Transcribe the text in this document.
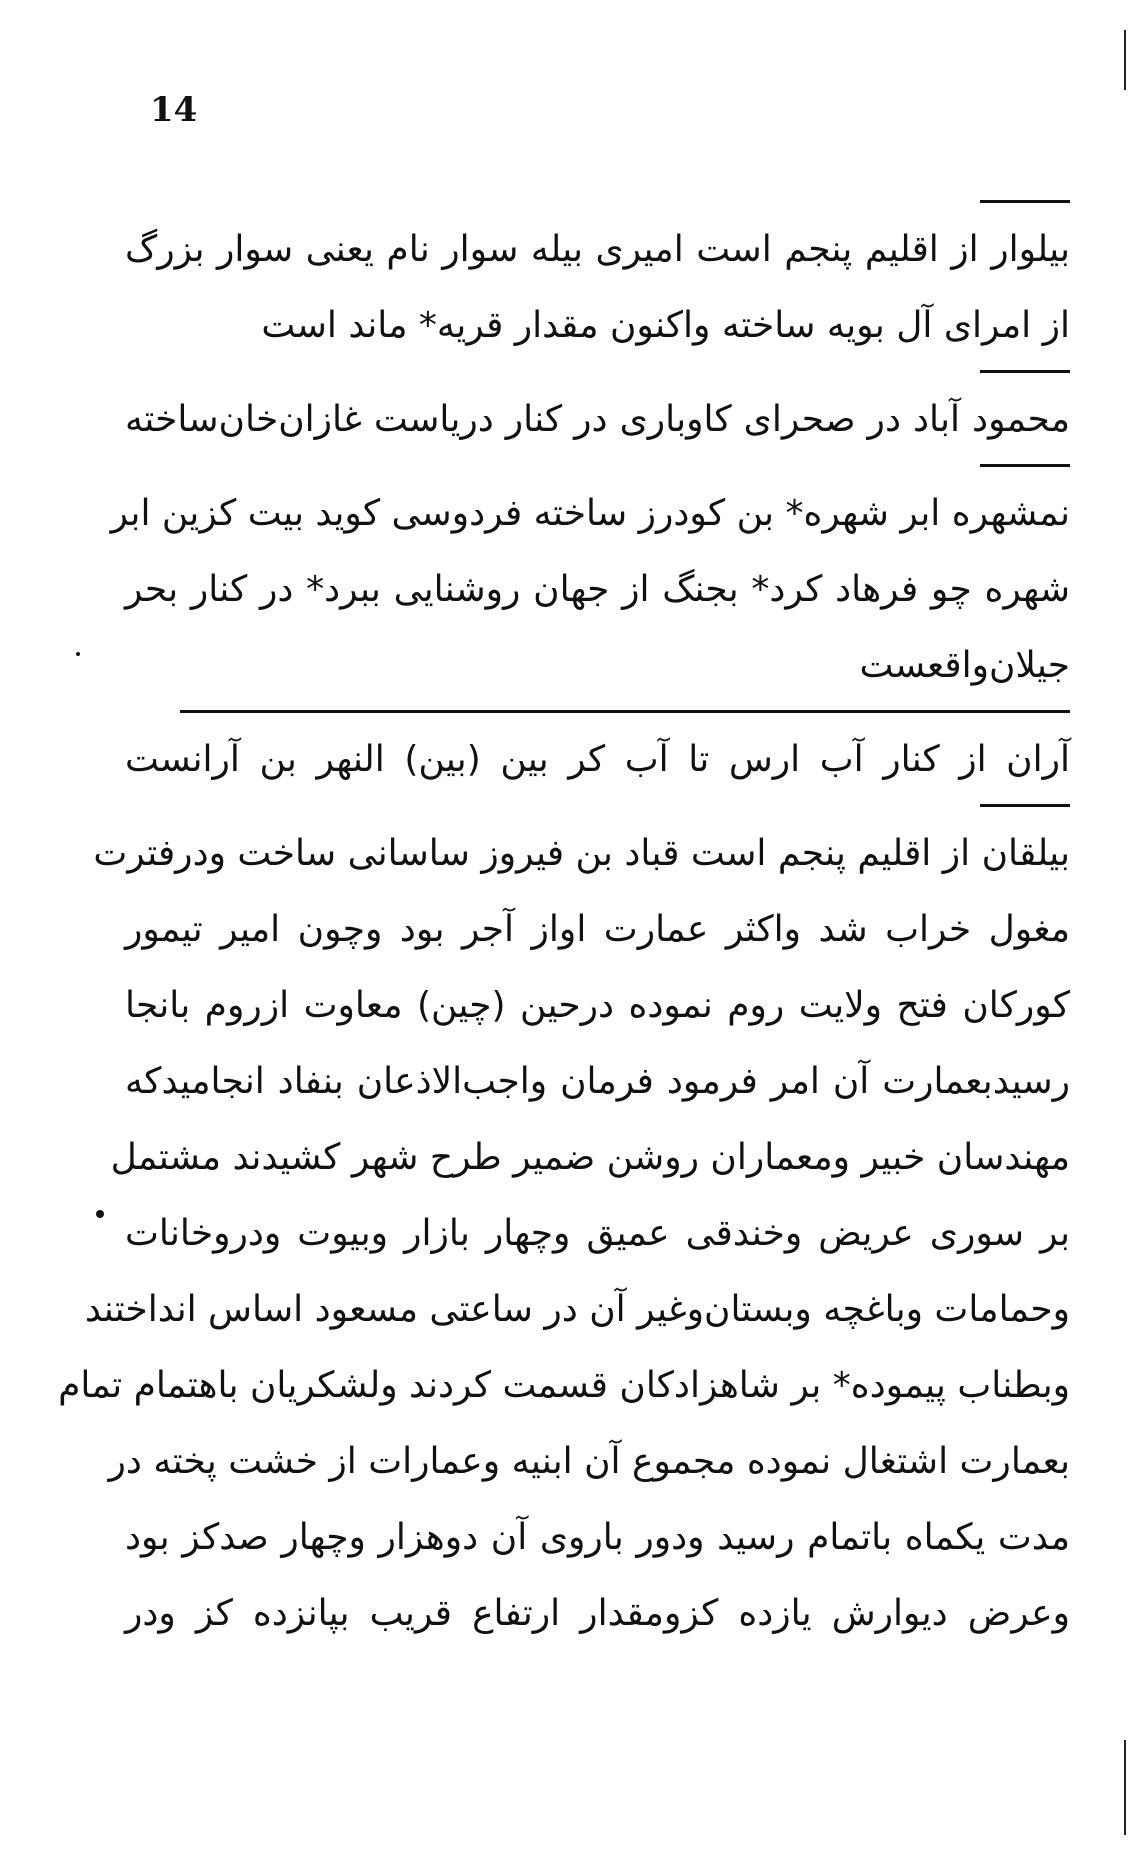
14
بیلوار از اقلیم پنجم است امیری بیله سوار نام یعنی سوار بزرگ
از امرای آل بویه ساخته واکنون مقدار قریه* ماند است
محمود آباد در صحرای کاوباری در کنار دریاست غازان‌خان‌ساخته
نمشهره ابر شهره* بن کودرز ساخته فردوسی کوید بیت کزین ابر
شهره چو فرهاد کرد* بجنگ از جهان روشنایی ببرد* در کنار بحر
جیلان‌و‌اقعست
آران از کنار آب ارس تا آب کر بین (بین) النهر بن آرانست
بیلقان از اقلیم پنجم است قباد بن فیروز ساسانی ساخت ودرفترت
مغول خراب شد واکثر عمارت اواز آجر بود وچون امیر تیمور
کورکان فتح ولایت روم نموده درحین (چین) معاوت ازروم بانجا
رسیدبعمارت آن امر فرمود فرمان واجب‌الاذعان بنفاد انجامیدکه
مهندسان خبیر ومعماران روشن ضمیر طرح شهر کشیدند مشتمل
بر سوری عریض وخندقی عمیق وچهار بازار وبیوت ودروخانات
وحمامات وباغچه وبستان‌وغیر آن در ساعتی مسعود اساس انداختند
وبطناب پیموده* بر شاهزادکان قسمت کردند ولشکریان باهتمام تمام
بعمارت اشتغال نموده مجموع آن ابنیه وعمارات از خشت پخته در
مدت یکماه باتمام رسید ودور باروی آن دوهزار وچهار صدکز بود
وعرض دیوارش یازده کزومقدار ارتفاع قریب بپانزده کز ودر
